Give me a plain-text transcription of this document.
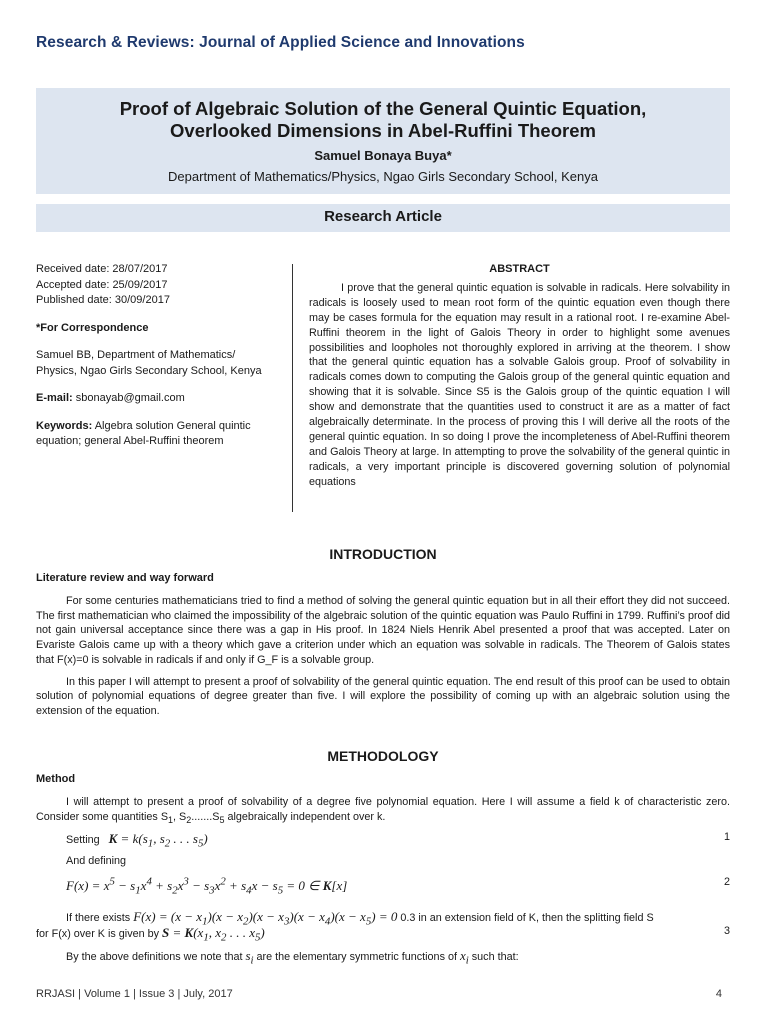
Research & Reviews: Journal of Applied Science and Innovations
Proof of Algebraic Solution of the General Quintic Equation,
Overlooked Dimensions in Abel-Ruffini Theorem
Samuel Bonaya Buya*
Department of Mathematics/Physics, Ngao Girls Secondary School, Kenya
Research Article

Received date: 28/07/2017

Accepted date: 25/09/2017

Published date: 30/09/2017

*For Correspondence

Samuel BB, Department of Mathematics/ Physics, Ngao Girls Secondary School, Kenya

E-mail: sbonayab@gmail.com

Keywords: Algebra solution General quintic equation; general Abel-Ruffini theorem

ABSTRACT

I prove that the general quintic equation is solvable in radicals. Here solvability in radicals is loosely used to mean root form of the quintic equation even though there may be cases formula for the equation may result in a rational root. I re-examine Abel-Ruffini theorem in the light of Galois Theory in order to highlight some avenues possibilities and loopholes not thoroughly explored in arriving at the theorem. I show that the general quintic equation has a solvable Galois group. Proof of solvability in radicals comes down to computing the Galois group of the general quintic equation and showing that it is solvable. Since S5 is the Galois group of the quintic equation I will show and demonstrate that the quantities used to construct it are as a matter of fact algebraically determinate. In the process of proving this I will derive all the roots of the general quintic equation. In so doing I prove the incompleteness of Abel-Ruffini theorem and Galois Theory at large. In attempting to prove the solvability of the general quintic in radicals, a very important principle is discovered governing solution of polynomial equations

INTRODUCTION
Literature review and way forward

For some centuries mathematicians tried to find a method of solving the general quintic equation but in all their effort they did not succeed. The first mathematician who claimed the impossibility of the algebraic solution of the quintic equation was Paulo Ruffini in 1799. Ruffini’s proof did not gain universal acceptance since there was a gap in His proof. In 1824 Niels Henrik Abel presented a proof that was accepted. Later on Evariste Galois came up with a theory which gave a criterion under which an equation was solvable in radicals. The Theorem of Galois states that F(x)=0 is solvable in radicals if and only if G_F is a solvable group.

In this paper I will attempt to present a proof of solvability of the general quintic equation. The end result of this proof can be used to obtain solution of polynomial equations of degree greater than five. I will explore the possibility of coming up with an algebraic solution using the extension of the equation.

METHODOLOGY
Method

I will attempt to present a proof of solvability of a degree five polynomial equation. Here I will assume a field k of characteristic zero. Consider some quantities $S_1$, $S_2.......S_5$ algebraically independent over k.

Setting $K = k(s_1$, $s_2$ . . . $s_5$)	1
And defining
$F(x) = x^5 - s_1x^4 + s_2x^3 - s_3x^2 + s_4x - s_5 = 0$ ∈ K[x]	2
If there exists $F(x) = (x - x_1)(x - x_2)(x - x_3)(x - x_4)(x - x_5) = 0$ 0.3 in an extension field of K, then the splitting field S
for F(x) over K is given by $S = K(x_1$, $x_2$ . . . $x_5$)	3
By the above definitions we note that $s_i$ are the elementary symmetric functions of $x_i$ such that:
RRJASI | Volume 1 | Issue 3 | July, 2017	4
